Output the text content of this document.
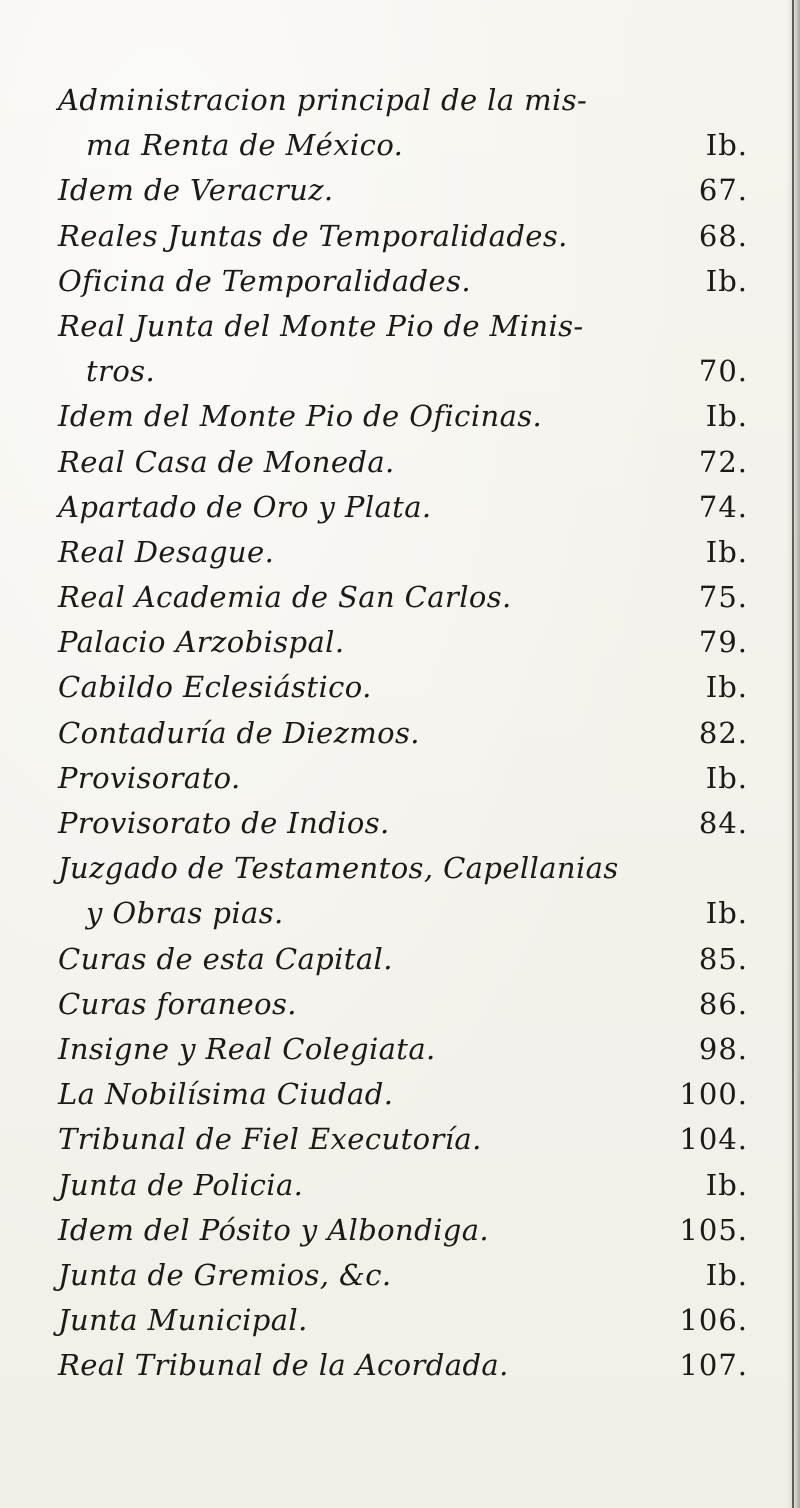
Administracion principal de la mis-
ma Renta de México.	Ib.
Idem de Veracruz.	67.
Reales Juntas de Temporalidades.	68.
Oficina de Temporalidades.	Ib.
Real Junta del Monte Pio de Minis-
tros.	70.
Idem del Monte Pio de Oficinas.	Ib.
Real Casa de Moneda.	72.
Apartado de Oro y Plata.	74.
Real Desague.	Ib.
Real Academia de San Carlos.	75.
Palacio Arzobispal.	79.
Cabildo Eclesiástico.	Ib.
Contaduría de Diezmos.	82.
Provisorato.	Ib.
Provisorato de Indios.	84.
Juzgado de Testamentos, Capellanias
y Obras pias.	Ib.
Curas de esta Capital.	85.
Curas foraneos.	86.
Insigne y Real Colegiata.	98.
La Nobilísima Ciudad.	100.
Tribunal de Fiel Executoría.	104.
Junta de Policia.	Ib.
Idem del Pósito y Albondiga.	105.
Junta de Gremios, &c.	Ib.
Junta Municipal.	106.
Real Tribunal de la Acordada.	107.
